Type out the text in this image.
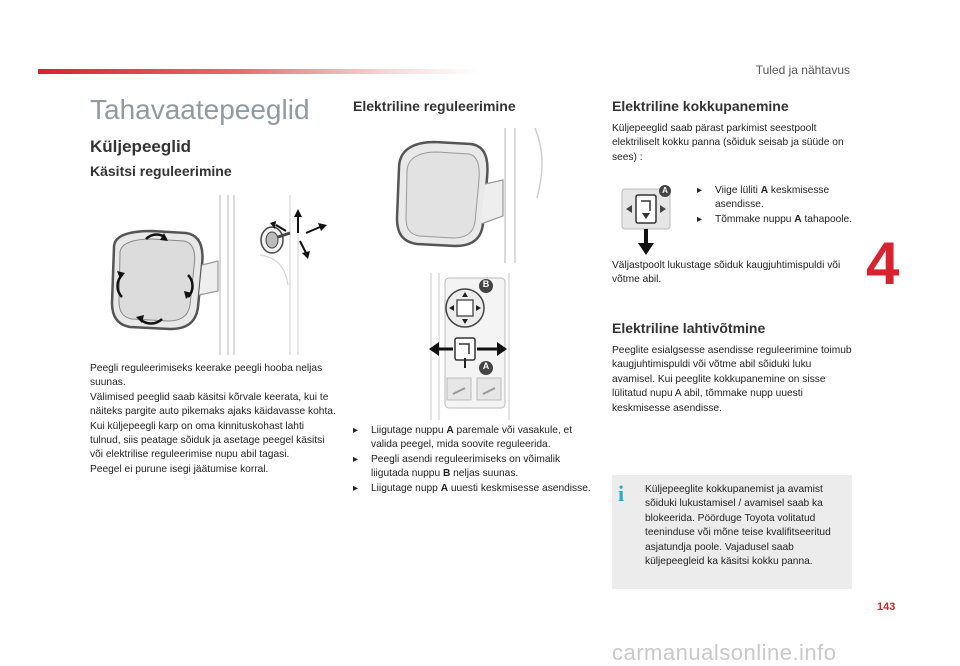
Tuled ja nähtavus
4
Tahavaatepeeglid
Küljepeeglid
Käsitsi reguleerimine
Peegli reguleerimiseks keerake peegli hooba neljas suunas.
Välimised peeglid saab käsitsi kõrvale keerata, kui te näiteks pargite auto pikemaks ajaks käidavasse kohta.
Kui küljepeegli karp on oma kinnituskohast lahti tulnud, siis peatage sõiduk ja asetage peegel käsitsi või elektrilise reguleerimise nupu abil tagasi.
Peegel ei purune isegi jäätumise korral.
Elektriline reguleerimine
B
A
▸ Liigutage nuppu A paremale või vasakule, et valida peegel, mida soovite reguleerida.
▸ Peegli asendi reguleerimiseks on võimalik liigutada nuppu B neljas suunas.
▸ Liigutage nupp A uuesti keskmisesse asendisse.
Elektriline kokkupanemine
Küljepeeglid saab pärast parkimist seestpoolt elektriliselt kokku panna (sõiduk seisab ja süüde on sees) :
A
▸	Viige lüliti A keskmisesse asendisse.
▸ Tõmmake nuppu A tahapoole.
Väljastpoolt lukustage sõiduk kaugjuhtimispuldi või võtme abil.
Elektriline lahtivõtmine
Peeglite esialgsesse asendisse reguleerimine toimub kaugjuhtimispuldi või võtme abil sõiduki luku avamisel. Kui peeglite kokkupanemine on sisse lülitatud nupu A abil, tõmmake nupp uuesti keskmisesse asendisse.
i	Küljepeeglite kokkupanemist ja avamist sõiduki lukustamisel / avamisel saab ka blokeerida. Pöörduge Toyota volitatud teeninduse või mõne teise kvalifitseeritud asjatundja poole. Vajadusel saab küljepeegleid ka käsitsi kokku panna.
143
carmanualsonline.info
